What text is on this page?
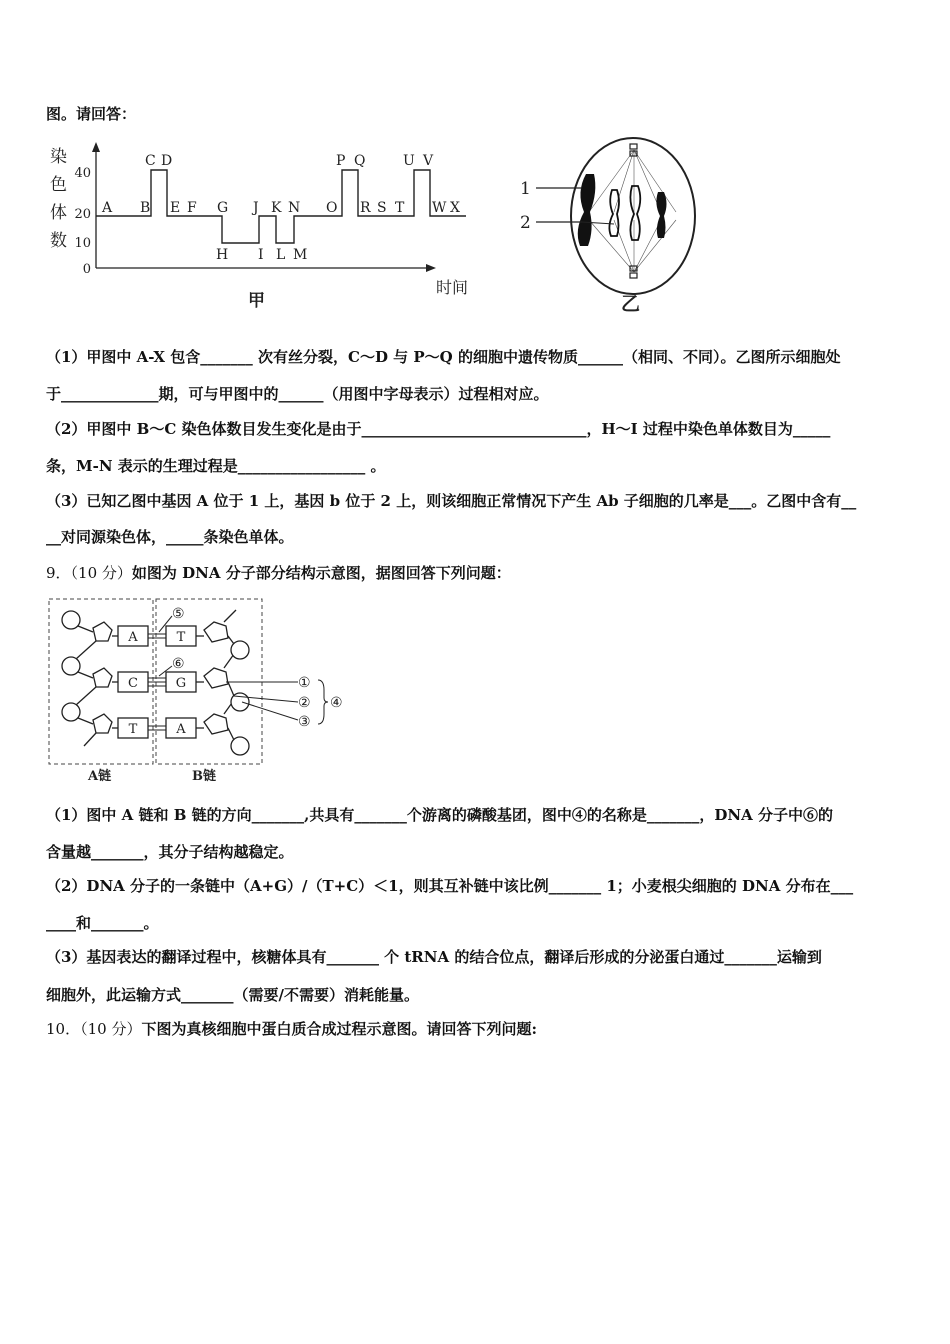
图。请回答：
染
色
体
数
40
20
10
0
C D	P Q	U V
A B E F G J K N O R S T W X
H I L M
时间
甲
1
2
乙
（1）甲图中 A-X 包含_______ 次有丝分裂，C～D 与 P～Q 的细胞中遗传物质______（相同、不同）。乙图所示细胞处
于_____________期，可与甲图中的______（用图中字母表示）过程相对应。
（2）甲图中 B～C 染色体数目发生变化是由于______________________________，H～I 过程中染色单体数目为_____
条，M-N 表示的生理过程是_________________ 。
（3）已知乙图中基因 A 位于 1 上，基因 b 位于 2 上，则该细胞正常情况下产生 Ab 子细胞的几率是___。乙图中含有__
__对同源染色体，_____条染色单体。
9．（10 分）如图为 DNA 分子部分结构示意图，据图回答下列问题：
A
C
T
T
G
A
⑤
⑥
①
②
③
④
A链	B链
（1）图中 A 链和 B 链的方向_______,共具有_______个游离的磷酸基团，图中④的名称是_______，DNA 分子中⑥的
含量越_______，其分子结构越稳定。
（2）DNA 分子的一条链中（A+G）/（T+C）＜1，则其互补链中该比例_______ 1；小麦根尖细胞的 DNA 分布在___
____和_______。
（3）基因表达的翻译过程中，核糖体具有_______ 个 tRNA 的结合位点，翻译后形成的分泌蛋白通过_______运输到
细胞外，此运输方式_______（需要/不需要）消耗能量。
10．（10 分）下图为真核细胞中蛋白质合成过程示意图。请回答下列问题:
